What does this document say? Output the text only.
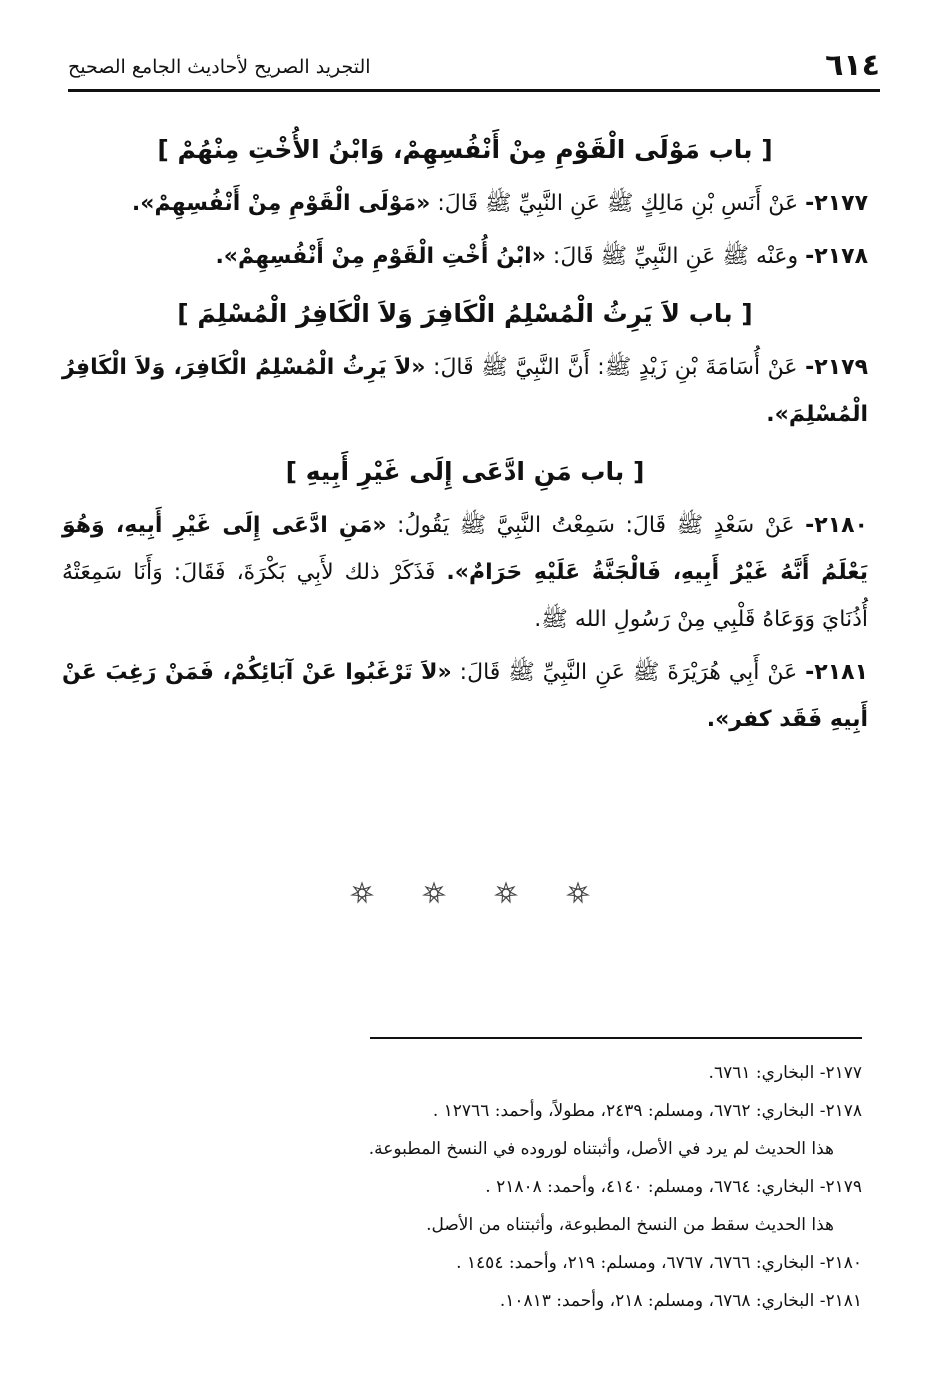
٦١٤
التجريد الصريح لأحاديث الجامع الصحيح
[ باب مَوْلَى الْقَوْمِ مِنْ أَنْفُسِهِمْ، وَابْنُ الأُخْتِ مِنْهُمْ ]

٢١٧٧- عَنْ أَنَسِ بْنِ مَالِكٍ ﷺ عَنِ النَّبِيِّ ﷺ قَالَ: «مَوْلَى الْقَوْمِ مِنْ أَنْفُسِهِمْ».

٢١٧٨- وعَنْه ﷺ عَنِ النَّبِيِّ ﷺ قَالَ: «ابْنُ أُخْتِ الْقَوْمِ مِنْ أَنْفُسِهِمْ».

[ باب لاَ يَرِثُ الْمُسْلِمُ الْكَافِرَ وَلاَ الْكَافِرُ الْمُسْلِمَ ]

٢١٧٩- عَنْ أُسَامَةَ بْنِ زَيْدٍ ﷺ: أَنَّ النَّبِيَّ ﷺ قَالَ: «لاَ يَرِثُ الْمُسْلِمُ الْكَافِرَ، وَلاَ الْكَافِرُ الْمُسْلِمَ».

[ باب مَنِ ادَّعَى إِلَى غَيْرِ أَبِيهِ ]

٢١٨٠- عَنْ سَعْدٍ ﷺ قَالَ: سَمِعْتُ النَّبِيَّ ﷺ يَقُولُ: «مَنِ ادَّعَى إِلَى غَيْرِ أَبِيهِ، وَهُوَ يَعْلَمُ أَنَّهُ غَيْرُ أَبِيهِ، فَالْجَنَّةُ عَلَيْهِ حَرَامٌ». فَذَكَرْ ذلك لأَبِي بَكْرَةَ، فَقَالَ: وَأَنَا سَمِعَتْهُ أُذُنَايَ وَوَعَاهُ قَلْبِي مِنْ رَسُولِ الله ﷺ.

٢١٨١- عَنْ أَبِي هُرَيْرَةَ ﷺ عَنِ النَّبِيِّ ﷺ قَالَ: «لاَ تَرْغَبُوا عَنْ آبَائِكُمْ، فَمَنْ رَغِبَ عَنْ أَبِيهِ فَقَد كفر».

٢١٧٧- البخاري: ٦٧٦١.
٢١٧٨- البخاري: ٦٧٦٢، ومسلم: ٢٤٣٩، مطولاً، وأحمد: ١٢٧٦٦ .
هذا الحديث لم يرد في الأصل، وأثبتناه لوروده في النسخ المطبوعة.
٢١٧٩- البخاري: ٦٧٦٤، ومسلم: ٤١٤٠، وأحمد: ٢١٨٠٨ .
هذا الحديث سقط من النسخ المطبوعة، وأثبتناه من الأصل.
٢١٨٠- البخاري: ٦٧٦٦، ٦٧٦٧، ومسلم: ٢١٩، وأحمد: ١٤٥٤ .
٢١٨١- البخاري: ٦٧٦٨، ومسلم: ٢١٨، وأحمد: ١٠٨١٣.
